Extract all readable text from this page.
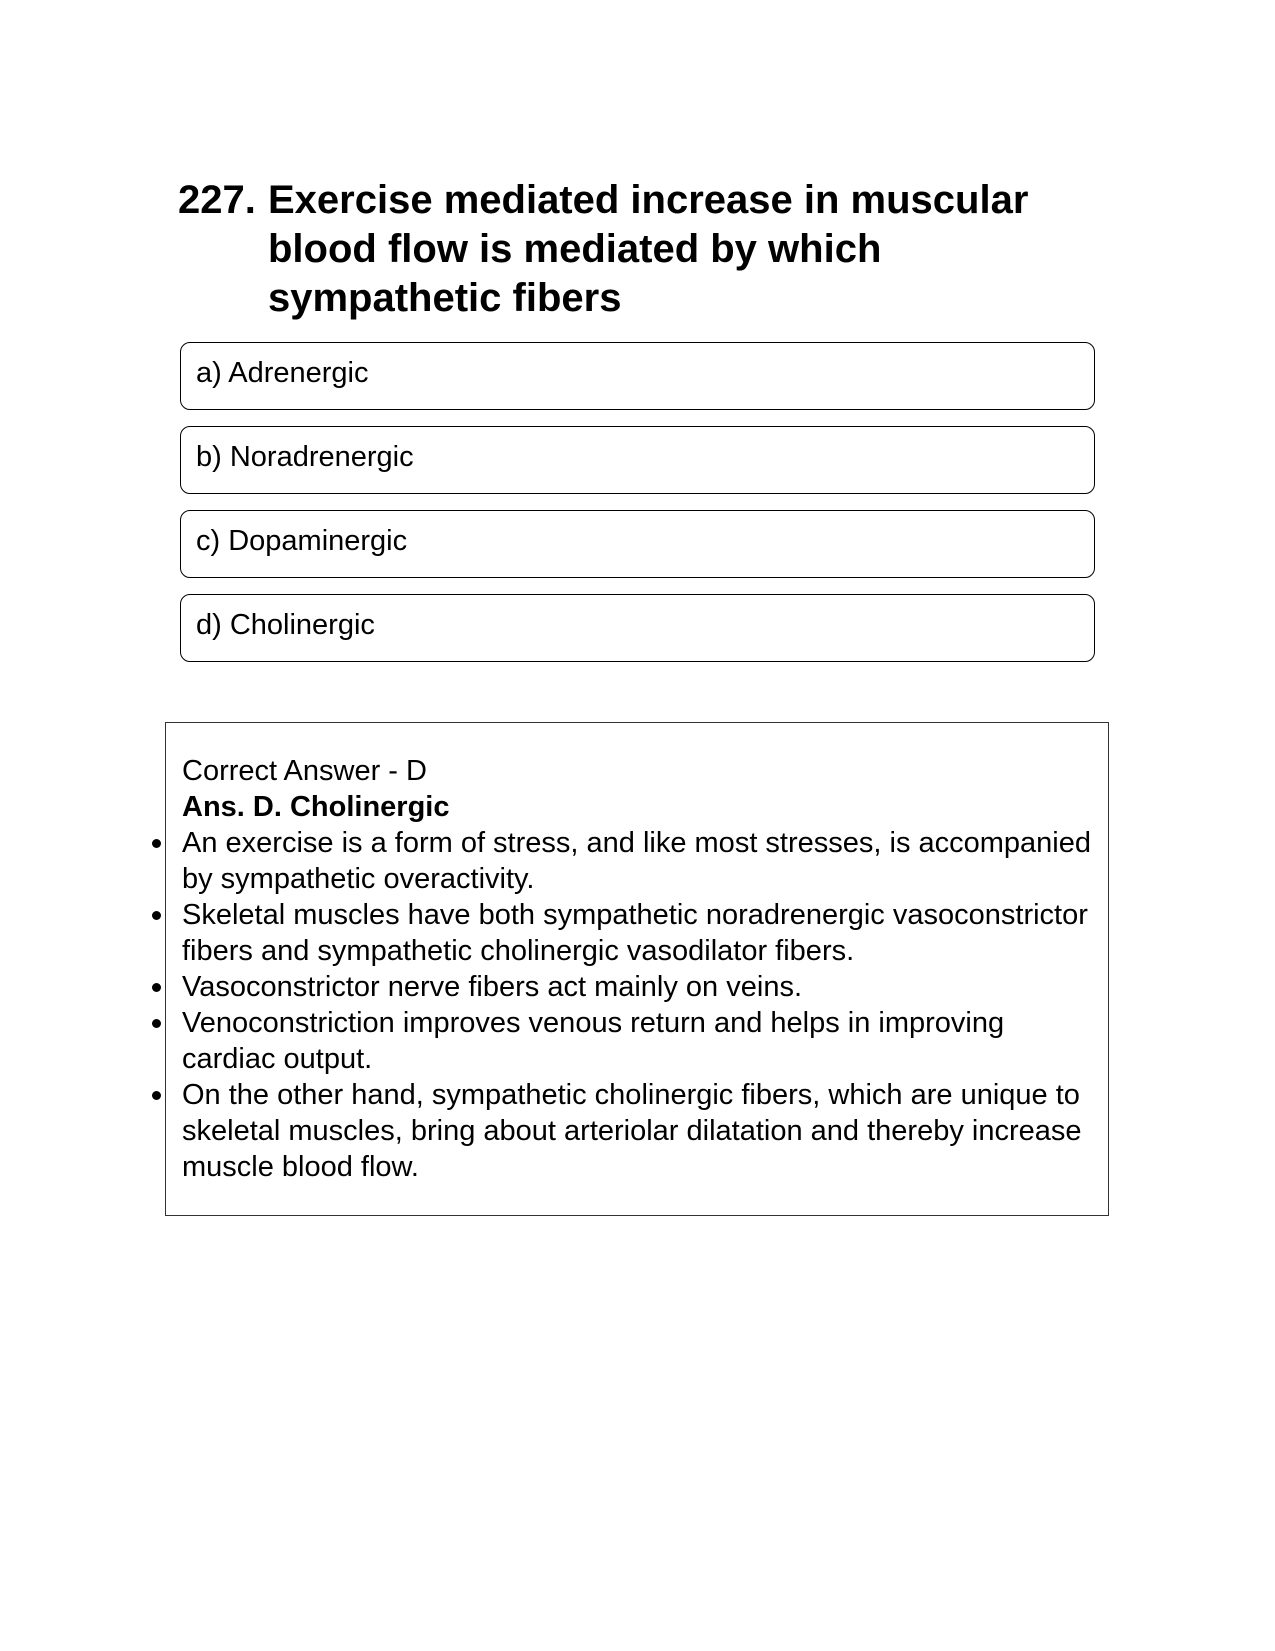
227. Exercise mediated increase in muscular blood flow is mediated by which sympathetic fibers
a) Adrenergic
b) Noradrenergic
c) Dopaminergic
d) Cholinergic
Correct Answer - D
Ans. D. Cholinergic
An exercise is a form of stress, and like most stresses, is accompanied by sympathetic overactivity.
Skeletal muscles have both sympathetic noradrenergic vasoconstrictor fibers and sympathetic cholinergic vasodilator fibers.
Vasoconstrictor nerve fibers act mainly on veins.
Venoconstriction improves venous return and helps in improving cardiac output.
On the other hand, sympathetic cholinergic fibers, which are unique to skeletal muscles, bring about arteriolar dilatation and thereby increase muscle blood flow.
